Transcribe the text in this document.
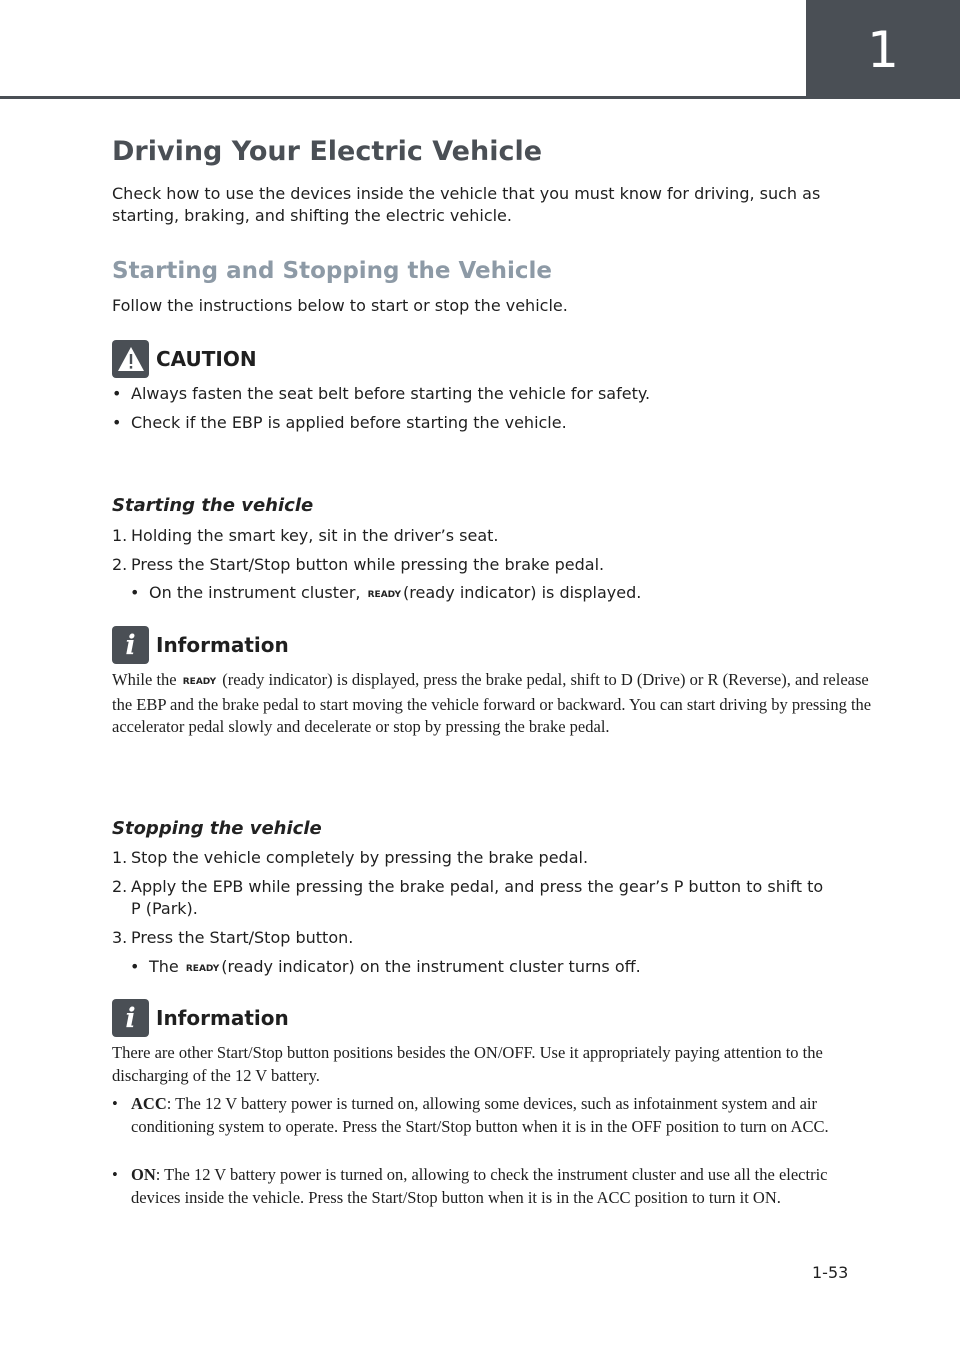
1
Driving Your Electric Vehicle
Check how to use the devices inside the vehicle that you must know for driving, such as starting, braking, and shifting the electric vehicle.
Starting and Stopping the Vehicle
Follow the instructions below to start or stop the vehicle.
CAUTION
• Always fasten the seat belt before starting the vehicle for safety.
• Check if the EBP is applied before starting the vehicle.
Starting the vehicle
1. Holding the smart key, sit in the driver’s seat.
2. Press the Start/Stop button while pressing the brake pedal.
• On the instrument cluster, READY (ready indicator) is displayed.
i	Information
While the READY (ready indicator) is displayed, press the brake pedal, shift to D (Drive) or R (Reverse), and release the EBP and the brake pedal to start moving the vehicle forward or backward. You can start driving by pressing the accelerator pedal slowly and decelerate or stop by pressing the brake pedal.
Stopping the vehicle
1. Stop the vehicle completely by pressing the brake pedal.
2. Apply the EPB while pressing the brake pedal, and press the gear’s P button to shift to
P (Park).
3. Press the Start/Stop button.
• The READY (ready indicator) on the instrument cluster turns off.
i	Information
There are other Start/Stop button positions besides the ON/OFF. Use it appropriately paying attention to the discharging of the 12 V battery.
• ACC: The 12 V battery power is turned on, allowing some devices, such as infotainment system and air conditioning system to operate. Press the Start/Stop button when it is in the OFF position to turn on ACC.
• ON: The 12 V battery power is turned on, allowing to check the instrument cluster and use all the electric devices inside the vehicle. Press the Start/Stop button when it is in the ACC position to turn it ON.
1-53
